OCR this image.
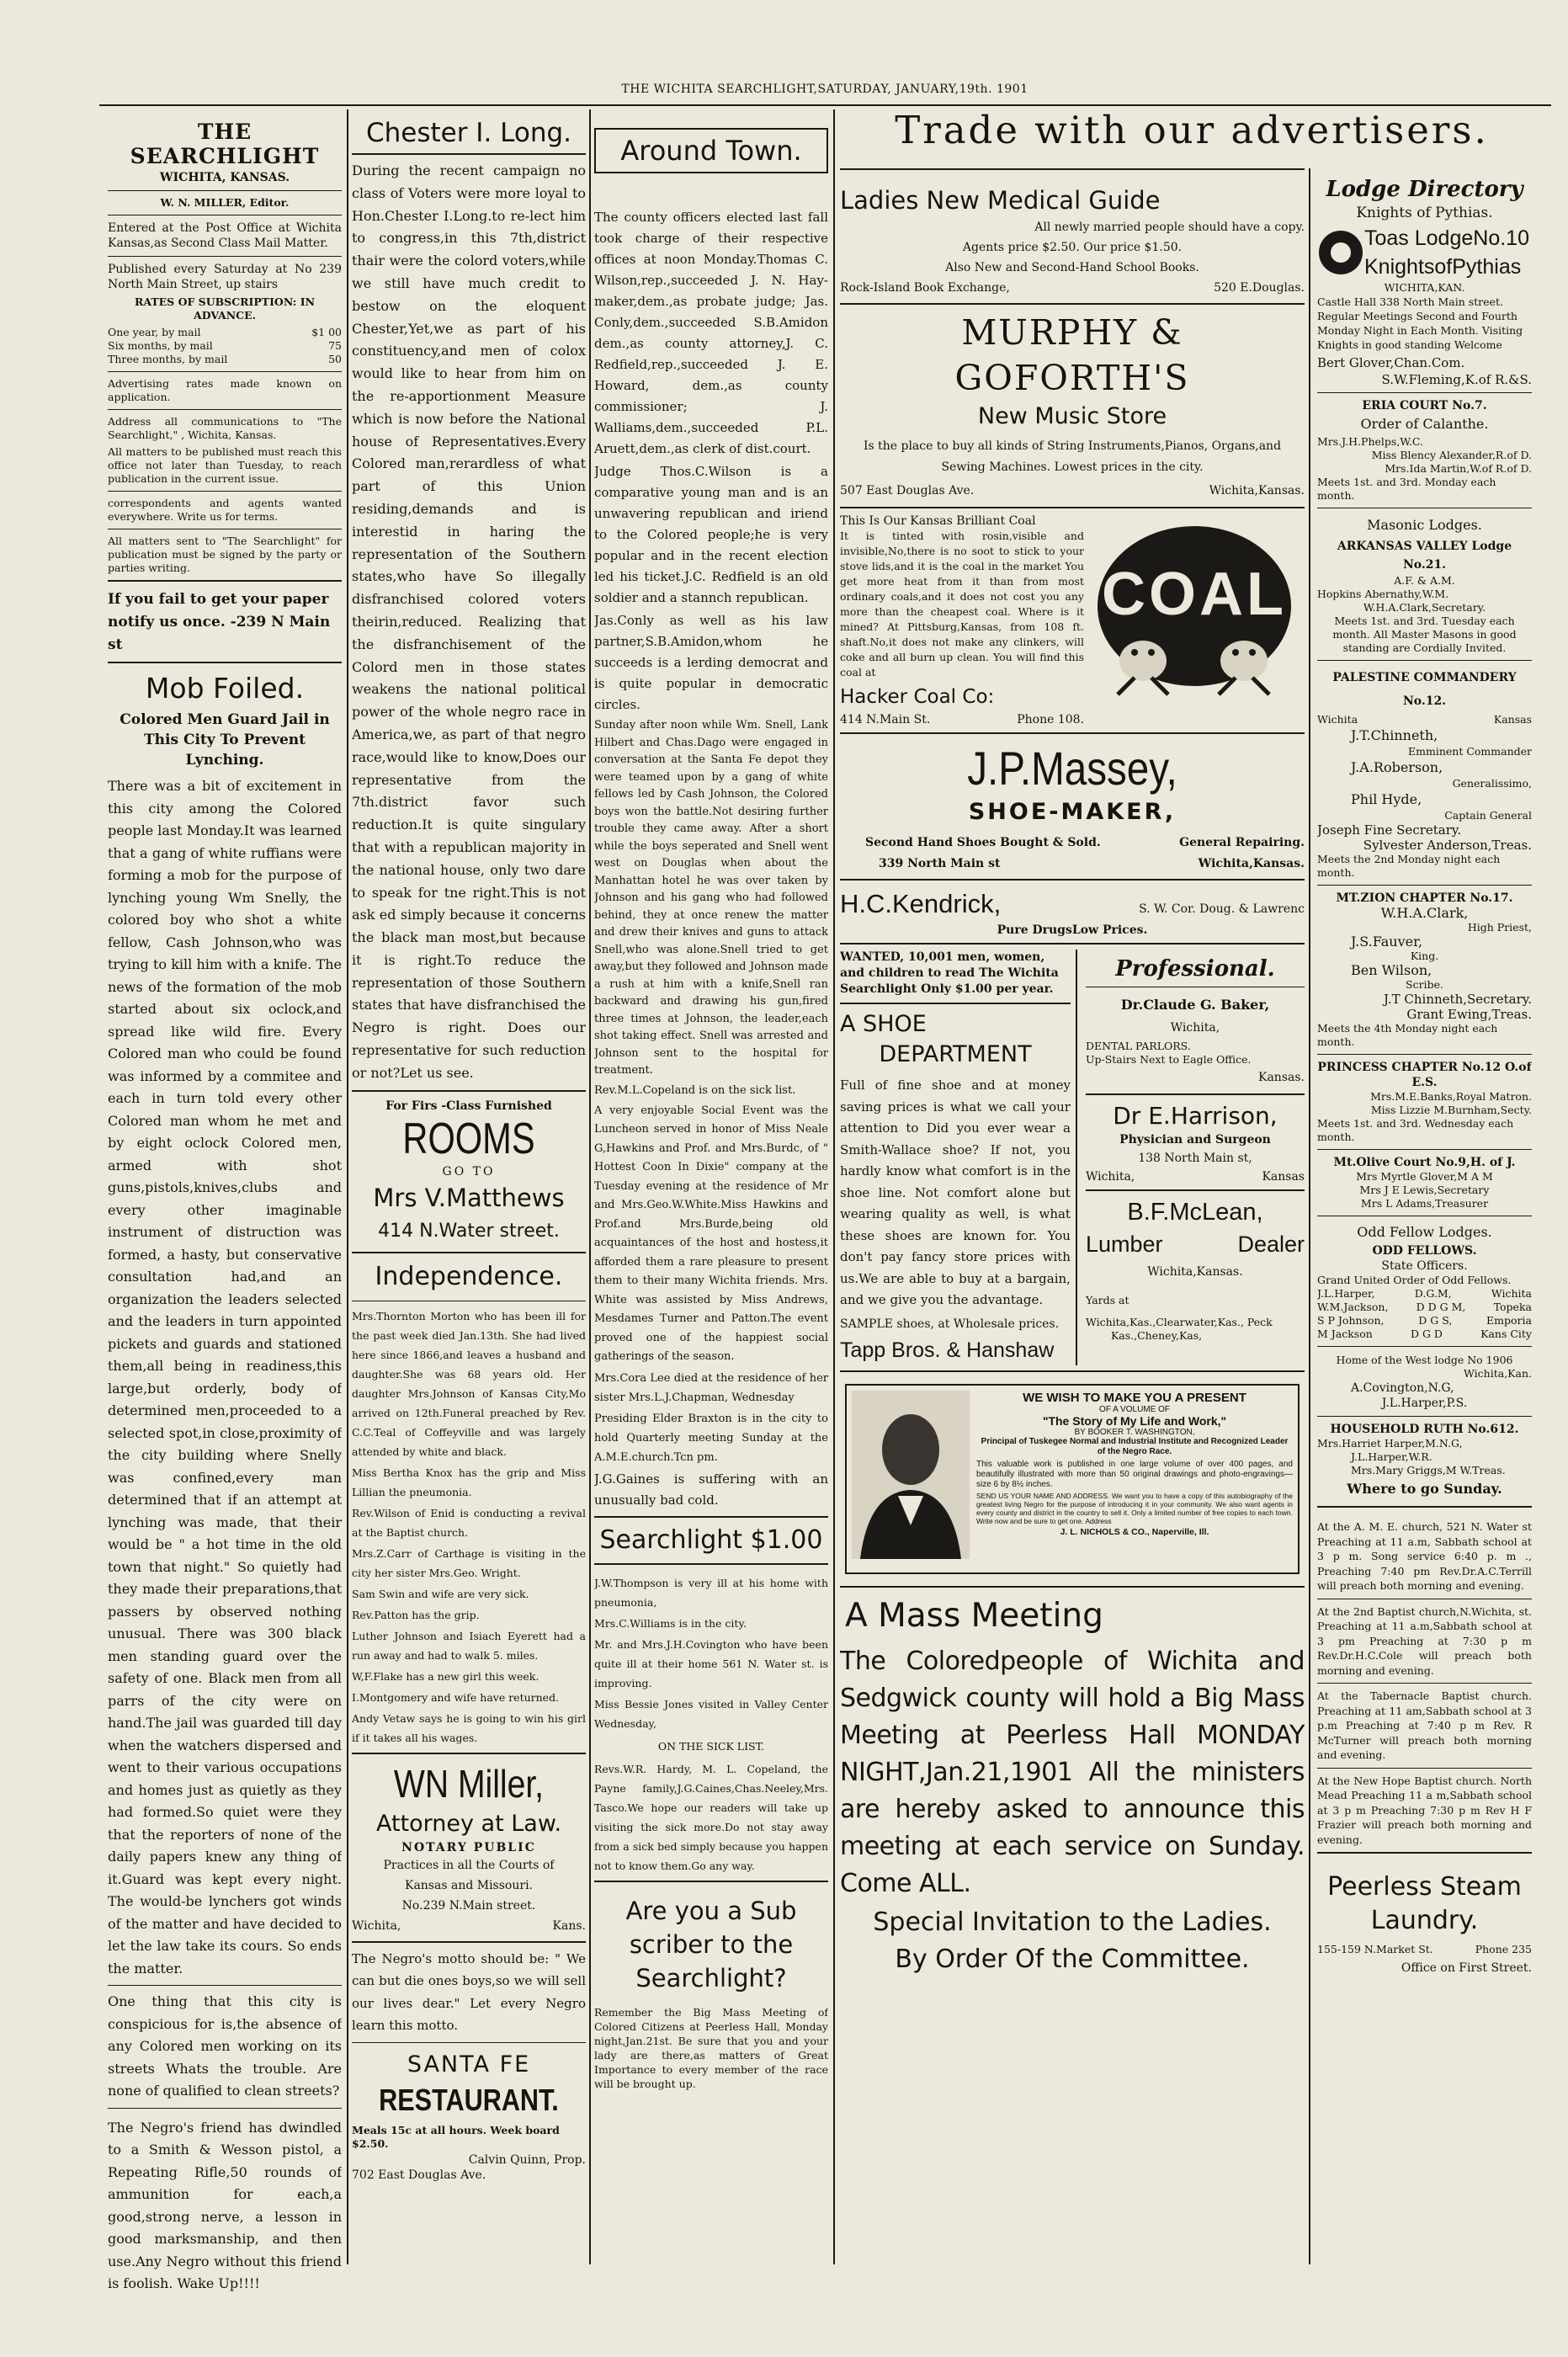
THE WICHITA SEARCHLIGHT,SATURDAY, JANUARY,19th. 1901
THE SEARCHLIGHT
WICHITA, KANSAS.
W. N. MILLER, Editor.

Entered at the Post Office at Wichita Kansas,as Second Class Mail Matter.

Published every Saturday at No 239 North Main Street, up stairs

RATES OF SUBSCRIPTION: IN ADVANCE.
One year, by mail	$1 00
Six months, by mail	75
Three months, by mail	50

Advertising rates made known on application.

Address all communications to "The Searchlight," , Wichita, Kansas.

All matters to be published must reach this office not later than Tuesday, to reach publication in the current issue.

correspondents and agents wanted everywhere. Write us for terms.

All matters sent to "The Searchlight" for publication must be signed by the party or parties writing.

If you fail to get your paper notify us once. -239 N Main st

Mob Foiled.
Colored Men Guard Jail in This City To Prevent Lynching.

There was a bit of excitement in this city among the Colored people last Monday.It was learned that a gang of white ruffians were forming a mob for the purpose of lynching young Wm Snelly, the colored boy who shot a white fellow, Cash Johnson,who was trying to kill him with a knife. The news of the formation of the mob started about six oclock,and spread like wild fire. Every Colored man who could be found was informed by a commitee and each in turn told every other Colored man whom he met and by eight oclock Colored men, armed with shot guns,pistols,knives,clubs and every other imaginable instrument of distruction was formed, a hasty, but conservative consultation had,and an organization the leaders selected and the leaders in turn appointed pickets and guards and stationed them,all being in readiness,this large,but orderly, body of determined men,proceeded to a selected spot,in close,proximity of the city building where Snelly was confined,every man determined that if an attempt at lynching was made, that their would be " a hot time in the old town that night." So quietly had they made their preparations,that passers by observed nothing unusual. There was 300 black men standing guard over the safety of one. Black men from all parrs of the city were on hand.The jail was guarded till day when the watchers dispersed and went to their various occupations and homes just as quietly as they had formed.So quiet were they that the reporters of none of the daily papers knew any thing of it.Guard was kept every night. The would-be lynchers got winds of the matter and have decided to let the law take its cours. So ends the matter.

One thing that this city is conspicious for is,the absence of any Colored men working on its streets Whats the trouble. Are none of qualified to clean streets?

The Negro's friend has dwindled to a Smith & Wesson pistol, a Repeating Rifle,50 rounds of ammunition for each,a good,strong nerve, a lesson in good marksmanship, and then use.Any Negro without this friend is foolish. Wake Up!!!!

Chester I. Long.

During the recent campaign no class of Voters were more loyal to Hon.Chester I.Long.to re-lect him to congress,in this 7th,district thair were the colord voters,while we still have much credit to bestow on the eloquent Chester,Yet,we as part of his constituency,and men of colox would like to hear from him on the re-apportionment Measure which is now before the National house of Representatives.Every Colored man,rerardless of what part of this Union residing,demands and is interestid in haring the representation of the Southern states,who have So illegally disfranchised colored voters theirin,reduced. Realizing that the disfranchisement of the Colord men in those states weakens the national political power of the whole negro race in America,we, as part of that negro race,would like to know,Does our representative from the 7th.district favor such reduction.It is quite singulary that with a republican majority in the national house, only two dare to speak for tne right.This is not ask ed simply because it concerns the black man most,but because it is right.To reduce the representation of those Southern states that have disfranchised the Negro is right. Does our representative for such reduction or not?Let us see.

For Firs -Class Furnished
ROOMS
GO TO
Mrs V.Matthews
414 N.Water street.
Independence.

Mrs.Thornton Morton who has been ill for the past week died Jan.13th. She had lived here since 1866,and leaves a husband and daughter.She was 68 years old. Her daughter Mrs.Johnson of Kansas City,Mo arrived on 12th.Funeral preached by Rev. C.C.Teal of Coffeyville and was largely attended by white and black.

Miss Bertha Knox has the grip and Miss Lillian the pneumonia.

Rev.Wilson of Enid is conducting a revival at the Baptist church.

Mrs.Z.Carr of Carthage is visiting in the city her sister Mrs.Geo. Wright.

Sam Swin and wife are very sick.

Rev.Patton has the grip.

Luther Johnson and Isiach Eyerett had a run away and had to walk 5. miles.

W,F.Flake has a new girl this week.

I.Montgomery and wife have returned.

Andy Vetaw says he is going to win his girl if it takes all his wages.

WN Miller,
Attorney at Law.
NOTARY PUBLIC
Practices in all the Courts of
Kansas and Missouri.
No.239 N.Main street.
Wichita,	Kans.

The Negro's motto should be: " We can but die ones boys,so we will sell our lives dear." Let every Negro learn this motto.

SANTA FE
RESTAURANT.

Meals 15c at all hours. Week board $2.50.

Calvin Quinn, Prop.
702 East Douglas Ave.
Around Town.

The county officers elected last fall took charge of their respective offices at noon Monday.Thomas C. Wilson,rep.,succeeded J. N. Hay-maker,dem.,as probate judge; Jas. Conly,dem.,succeeded S.B.Amidon dem.,as county attorney,J. C. Redfield,rep.,succeeded J. E. Howard, dem.,as county commissioner; J. Walliams,dem.,succeeded P.L. Aruett,dem.,as clerk of dist.court.

Judge Thos.C.Wilson is a comparative young man and is an unwavering republican and iriend to the Colored people;he is very popular and in the recent election led his ticket.J.C. Redfield is an old soldier and a stannch republican.

Jas.Conly as well as his law partner,S.B.Amidon,whom he succeeds is a lerding democrat and is quite popular in democratic circles.

Sunday after noon while Wm. Snell, Lank Hilbert and Chas.Dago were engaged in conversation at the Santa Fe depot they were teamed upon by a gang of white fellows led by Cash Johnson, the Colored boys won the battle.Not desiring further trouble they came away. After a short while the boys seperated and Snell went west on Douglas when about the Manhattan hotel he was over taken by Johnson and his gang who had followed behind, they at once renew the matter and drew their knives and guns to attack Snell,who was alone.Snell tried to get away,but they followed and Johnson made a rush at him with a knife,Snell ran backward and drawing his gun,fired three times at Johnson, the leader,each shot taking effect. Snell was arrested and Johnson sent to the hospital for treatment.

Rev.M.L.Copeland is on the sick list.

A very enjoyable Social Event was the Luncheon served in honor of Miss Neale G,Hawkins and Prof. and Mrs.Burdc, of " Hottest Coon In Dixie" company at the Tuesday evening at the residence of Mr and Mrs.Geo.W.White.Miss Hawkins and Prof.and Mrs.Burde,being old acquaintances of the host and hostess,it afforded them a rare pleasure to present them to their many Wichita friends. Mrs. White was assisted by Miss Andrews, Mesdames Turner and Patton.The event proved one of the happiest social gatherings of the season.

Mrs.Cora Lee died at the residence of her sister Mrs.L.J.Chapman, Wednesday

Presiding Elder Braxton is in the city to hold Quarterly meeting Sunday at the A.M.E.church.Tcn pm.

J.G.Gaines is suffering with an unusually bad cold.

Searchlight $1.00

J.W.Thompson is very ill at his home with pneumonia,

Mrs.C.Williams is in the city.

Mr. and Mrs.J.H.Covington who have been quite ill at their home 561 N. Water st. is improving.

Miss Bessie Jones visited in Valley Center Wednesday,

ON THE SICK LIST.

Revs.W.R. Hardy, M. L. Copeland, the Payne family,J.G.Caines,Chas.Neeley,Mrs. Tasco.We hope our readers will take up visiting the sick more.Do not stay away from a sick bed simply because you happen not to know them.Go any way.

Are you a Sub scriber to the Searchlight?

Remember the Big Mass Meeting of Colored Citizens at Peerless Hall, Monday night,Jan.21st. Be sure that you and your lady are there,as matters of Great Importance to every member of the race will be brought up.

Trade with our advertisers.
Ladies New Medical Guide
All newly married people should have a copy.
Agents price $2.50. Our price $1.50.
Also New and Second-Hand School Books.
Rock-Island Book Exchange,	520 E.Douglas.
MURPHY & GOFORTH'S
New Music Store

Is the place to buy all kinds of String Instruments,Pianos, Organs,and Sewing Machines. Lowest prices in the city.

507 East Douglas Ave.	Wichita,Kansas.
This Is Our Kansas Brilliant Coal

It is tinted with rosin,visible and invisible,No,there is no soot to stick to your stove lids,and it is the coal in the market You get more heat from it than from most ordinary coals,and it does not cost you any more than the cheapest coal. Where is it mined? At Pittsburg,Kansas, from 108 ft. shaft.No,it does not make any clinkers, will coke and all burn up clean. You will find this coal at

Hacker Coal Co:
414 N.Main St.	Phone 108.
COAL
J.P.Massey,
SHOE-MAKER,
Second Hand Shoes Bought & Sold.	General Repairing.
339 North Main st	Wichita,Kansas.
H.C.Kendrick,	S. W. Cor. Doug. & Lawrenc
Pure DrugsLow Prices.

WANTED, 10,001 men, women, and children to read The Wichita Searchlight Only $1.00 per year.

A SHOE
DEPARTMENT

Full of fine shoe and at money saving prices is what we call your attention to Did you ever wear a Smith-Wallace shoe? If not, you hardly know what comfort is in the shoe line. Not comfort alone but wearing quality as well, is what these shoes are known for. You don't pay fancy store prices with us.We are able to buy at a bargain, and we give you the advantage.

SAMPLE shoes, at Wholesale prices.
Tapp Bros. & Hanshaw
Professional.
Dr.Claude G. Baker,
Wichita,
DENTAL PARLORS.
Up-Stairs Next to Eagle Office.
Kansas.
Dr E.Harrison,
Physician and Surgeon
138 North Main st,
Wichita,	Kansas
B.F.McLean,
Lumber	Dealer
Wichita,Kansas.
Yards at
Wichita,Kas.,Clearwater,Kas., Peck
Kas.,Cheney,Kas,
WE WISH TO MAKE YOU A PRESENT
OF A VOLUME OF
"The Story of My Life and Work,"
BY BOOKER T. WASHINGTON,
Principal of Tuskegee Normal and Industrial Institute and Recognized Leader of the Negro Race.

This valuable work is published in one large volume of over 400 pages, and beautifully illustrated with more than 50 original drawings and photo-engravings—size 6 by 8½ inches.

SEND US YOUR NAME AND ADDRESS. We want you to have a copy of this autobiography of the greatest living Negro for the purpose of introducing it in your community. We also want agents in every county and district in the country to sell it. Only a limited number of free copies to each town. Write now and be sure to get one. Address

J. L. NICHOLS & CO., Naperville, Ill.
A Mass Meeting

The Coloredpeople of Wichita and Sedgwick county will hold a Big Mass Meeting at Peerless Hall MONDAY NIGHT,Jan.21,1901 All the ministers are hereby asked to announce this meeting at each service on Sunday. Come ALL.

Special Invitation to the Ladies.
By Order Of the Committee.
Lodge Directory
Knights of Pythias.
Toas LodgeNo.10
KnightsofPythias
WICHITA,KAN.

Castle Hall 338 North Main street. Regular Meetings Second and Fourth Monday Night in Each Month. Visiting Knights in good standing Welcome

Bert Glover,Chan.Com.
S.W.Fleming,K.of R.&S.
ERIA COURT No.7.
Order of Calanthe.
Mrs.J.H.Phelps,W.C.
Miss Blency Alexander,R.of D.
Mrs.Ida Martin,W.of R.of D.
Meets 1st. and 3rd. Monday each month.
Masonic Lodges.
ARKANSAS VALLEY Lodge No.21.
A.F. & A.M.
Hopkins Abernathy,W.M.
W.H.A.Clark,Secretary.

Meets 1st. and 3rd. Tuesday each month. All Master Masons in good standing are Cordially Invited.

PALESTINE COMMANDERY No.12.
Wichita	Kansas
J.T.Chinneth,
Emminent Commander
J.A.Roberson,
Generalissimo,
Phil Hyde,
Captain General
Joseph Fine Secretary.
Sylvester Anderson,Treas.
Meets the 2nd Monday night each month.
MT.ZION CHAPTER No.17.
W.H.A.Clark,
High Priest,
J.S.Fauver,
King.
Ben Wilson,
Scribe.
J.T Chinneth,Secretary.
Grant Ewing,Treas.
Meets the 4th Monday night each month.
PRINCESS CHAPTER No.12 O.of E.S.
Mrs.M.E.Banks,Royal Matron.
Miss Lizzie M.Burnham,Secty.
Meets 1st. and 3rd. Wednesday each month.
Mt.Olive Court No.9,H. of J.
Mrs Myrtle Glover,M A M
Mrs J E Lewis,Secretary
Mrs L Adams,Treasurer
Odd Fellow Lodges.
ODD FELLOWS.
State Officers.
Grand United Order of Odd Fellows.
J.L.Harper,	D.G.M,	Wichita
W.M.Jackson,	D D G M,	Topeka
S P Johnson,	D G S,	Emporia
M Jackson	D G D	Kans City
Home of the West lodge No 1906
Wichita,Kan.
A.Covington,N.G,
J.L.Harper,P.S.
HOUSEHOLD RUTH No.612.
Mrs.Harriet Harper,M.N.G,
J.L.Harper,W.R.
Mrs.Mary Griggs,M W.Treas.
Where to go Sunday.

At the A. M. E. church, 521 N. Water st Preaching at 11 a.m, Sabbath school at 3 p m. Song service 6:40 p. m ., Preaching 7:40 pm Rev.Dr.A.C.Terrill will preach both morning and evening.

At the 2nd Baptist church,N.Wichita, st. Preaching at 11 a.m,Sabbath school at 3 pm Preaching at 7:30 p m Rev.Dr.H.C.Cole will preach both morning and evening.

At the Tabernacle Baptist church. Preaching at 11 am,Sabbath school at 3 p.m Preaching at 7:40 p m Rev. R McTurner will preach both morning and evening.

At the New Hope Baptist church. North Mead Preaching 11 a m,Sabbath school at 3 p m Preaching 7:30 p m Rev H F Frazier will preach both morning and evening.

Peerless Steam Laundry.
155-159 N.Market St.	Phone 235
Office on First Street.
